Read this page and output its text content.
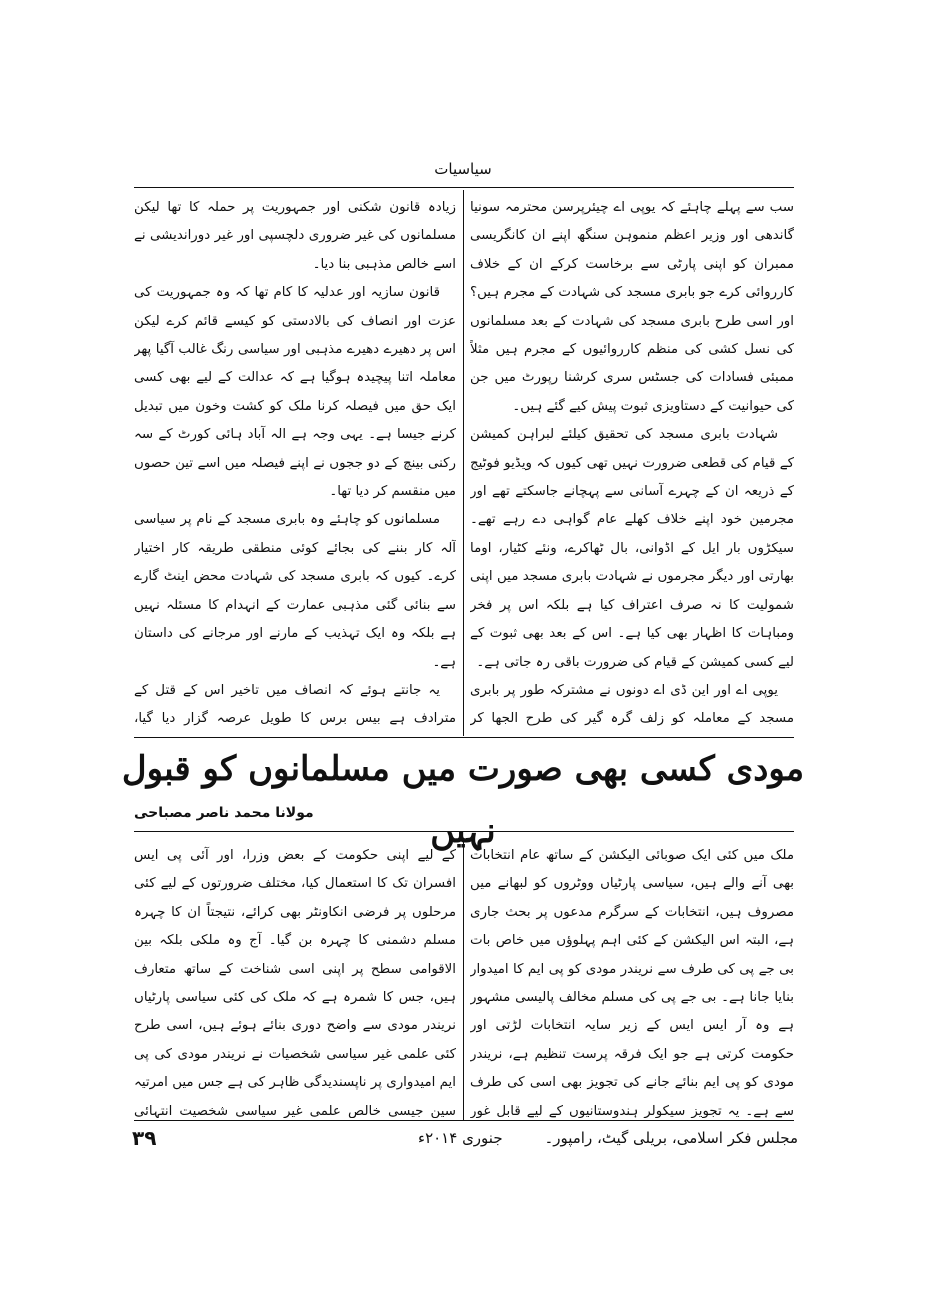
سیاسیات

سب سے پہلے چاہئے کہ یوپی اے چیئرپرسن محترمہ سونیا گاندھی اور وزیر اعظم منموہن سنگھ اپنے ان کانگریسی ممبران کو اپنی پارٹی سے برخاست کرکے ان کے خلاف کارروائی کرے جو بابری مسجد کی شہادت کے مجرم ہیں؟ اور اسی طرح بابری مسجد کی شہادت کے بعد مسلمانوں کی نسل کشی کی منظم کارروائیوں کے مجرم ہیں مثلاً ممبئی فسادات کی جسٹس سری کرشنا رپورٹ میں جن کی حیوانیت کے دستاویزی ثبوت پیش کیے گئے ہیں۔

شہادت بابری مسجد کی تحقیق کیلئے لبراہن کمیشن کے قیام کی قطعی ضرورت نہیں تھی کیوں کہ ویڈیو فوٹیج کے ذریعہ ان کے چہرے آسانی سے پہچانے جاسکتے تھے اور مجرمین خود اپنے خلاف کھلے عام گواہی دے رہے تھے۔ سیکڑوں بار ایل کے اڈوانی، بال ٹھاکرے، ونئے کٹیار، اوما بھارتی اور دیگر مجرموں نے شہادت بابری مسجد میں اپنی شمولیت کا نہ صرف اعتراف کیا ہے بلکہ اس پر فخر ومباہات کا اظہار بھی کیا ہے۔ اس کے بعد بھی ثبوت کے لیے کسی کمیشن کے قیام کی ضرورت باقی رہ جاتی ہے۔

یوپی اے اور این ڈی اے دونوں نے مشترکہ طور پر بابری مسجد کے معاملہ کو زلف گرہ گیر کی طرح الجھا کر

زیادہ قانون شکنی اور جمہوریت پر حملہ کا تھا لیکن مسلمانوں کی غیر ضروری دلچسپی اور غیر دوراندیشی نے اسے خالص مذہبی بنا دیا۔

قانون سازیہ اور عدلیہ کا کام تھا کہ وہ جمہوریت کی عزت اور انصاف کی بالادستی کو کیسے قائم کرے لیکن اس پر دھیرے دھیرے مذہبی اور سیاسی رنگ غالب آگیا پھر معاملہ اتنا پیچیدہ ہوگیا ہے کہ عدالت کے لیے بھی کسی ایک حق میں فیصلہ کرنا ملک کو کشت وخون میں تبدیل کرنے جیسا ہے۔ یہی وجہ ہے الہ آباد ہائی کورٹ کے سہ رکنی بینچ کے دو ججوں نے اپنے فیصلہ میں اسے تین حصوں میں منقسم کر دیا تھا۔

مسلمانوں کو چاہئے وہ بابری مسجد کے نام پر سیاسی آلہ کار بننے کی بجائے کوئی منطقی طریقہ کار اختیار کرے۔ کیوں کہ بابری مسجد کی شہادت محض اینٹ گارے سے بنائی گئی مذہبی عمارت کے انہدام کا مسئلہ نہیں ہے بلکہ وہ ایک تہذیب کے مارنے اور مرجانے کی داستان ہے۔

یہ جانتے ہوئے کہ انصاف میں تاخیر اس کے قتل کے مترادف ہے بیس برس کا طویل عرصہ گزار دیا گیا،

مودی کسی بھی صورت میں مسلمانوں کو قبول نہیں
مولانا محمد ناصر مصباحی

ملک میں کئی ایک صوبائی الیکشن کے ساتھ عام انتخابات بھی آنے والے ہیں، سیاسی پارٹیاں ووٹروں کو لبھانے میں مصروف ہیں، انتخابات کے سرگرم مدعوں پر بحث جاری ہے، البتہ اس الیکشن کے کئی اہم پہلوؤں میں خاص بات بی جے پی کی طرف سے نریندر مودی کو پی ایم کا امیدوار بنایا جانا ہے۔ بی جے پی کی مسلم مخالف پالیسی مشہور ہے وہ آر ایس ایس کے زیر سایہ انتخابات لڑتی اور حکومت کرتی ہے جو ایک فرقہ پرست تنظیم ہے، نریندر مودی کو پی ایم بنائے جانے کی تجویز بھی اسی کی طرف سے ہے۔ یہ تجویز سیکولر ہندوستانیوں کے لیے قابل غور

کے لیے اپنی حکومت کے بعض وزرا، اور آئی پی ایس افسران تک کا استعمال کیا، مختلف ضرورتوں کے لیے کئی مرحلوں پر فرضی انکاونٹر بھی کرائے، نتیجتاً ان کا چہرہ مسلم دشمنی کا چہرہ بن گیا۔ آج وہ ملکی بلکہ بین الاقوامی سطح پر اپنی اسی شناخت کے ساتھ متعارف ہیں، جس کا شمرہ ہے کہ ملک کی کئی سیاسی پارٹیاں نریندر مودی سے واضح دوری بنائے ہوئے ہیں، اسی طرح کئی علمی غیر سیاسی شخصیات نے نریندر مودی کی پی ایم امیدواری پر ناپسندیدگی ظاہر کی ہے جس میں امرتیہ سین جیسی خالص علمی غیر سیاسی شخصیت انتہائی

مجلس فکر اسلامی، بریلی گیٹ، رامپور۔
جنوری ۲۰۱۴ء
۳۹
